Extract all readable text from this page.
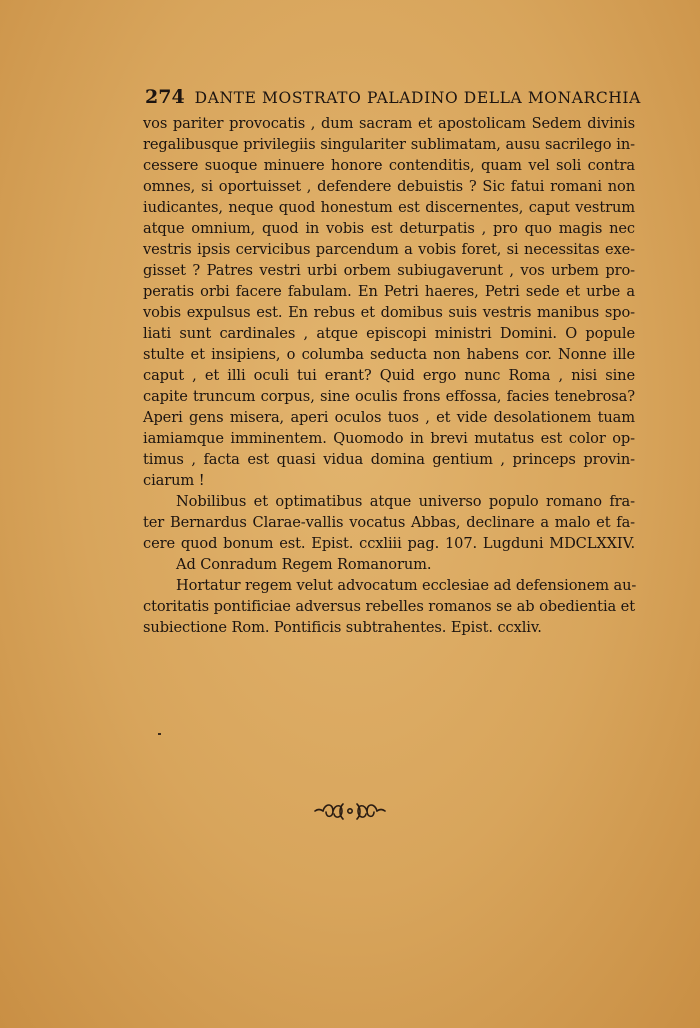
274 DANTE MOSTRATO PALADINO DELLA MONARCHIA
vos pariter provocatis , dum sacram et apostolicam Sedem divinis
regalibusque privilegiis singulariter sublimatam, ausu sacrilego in-
cessere suoque minuere honore contenditis, quam vel soli contra
omnes, si oportuisset , defendere debuistis ? Sic fatui romani non
iudicantes, neque quod honestum est discernentes, caput vestrum
atque omnium, quod in vobis est deturpatis , pro quo magis nec
vestris ipsis cervicibus parcendum a vobis foret, si necessitas exe-
gisset ? Patres vestri urbi orbem subiugaverunt , vos urbem pro-
peratis orbi facere fabulam. En Petri haeres, Petri sede et urbe a
vobis expulsus est. En rebus et domibus suis vestris manibus spo-
liati sunt cardinales , atque episcopi ministri Domini. O popule
stulte et insipiens, o columba seducta non habens cor. Nonne ille
caput , et illi oculi tui erant? Quid ergo nunc Roma , nisi sine
capite truncum corpus, sine oculis frons effossa, facies tenebrosa?
Aperi gens misera, aperi oculos tuos , et vide desolationem tuam
iamiamque imminentem. Quomodo in brevi mutatus est color op-
timus , facta est quasi vidua domina gentium , princeps provin-
ciarum !
Nobilibus et optimatibus atque universo populo romano fra-
ter Bernardus Clarae-vallis vocatus Abbas, declinare a malo et fa-
cere quod bonum est. Epist. ccxliii pag. 107. Lugduni MDCLXXIV.
Ad Conradum Regem Romanorum.
Hortatur regem velut advocatum ecclesiae ad defensionem au-
ctoritatis pontificiae adversus rebelles romanos se ab obedientia et
subiectione Rom. Pontificis subtrahentes. Epist. ccxliv.
